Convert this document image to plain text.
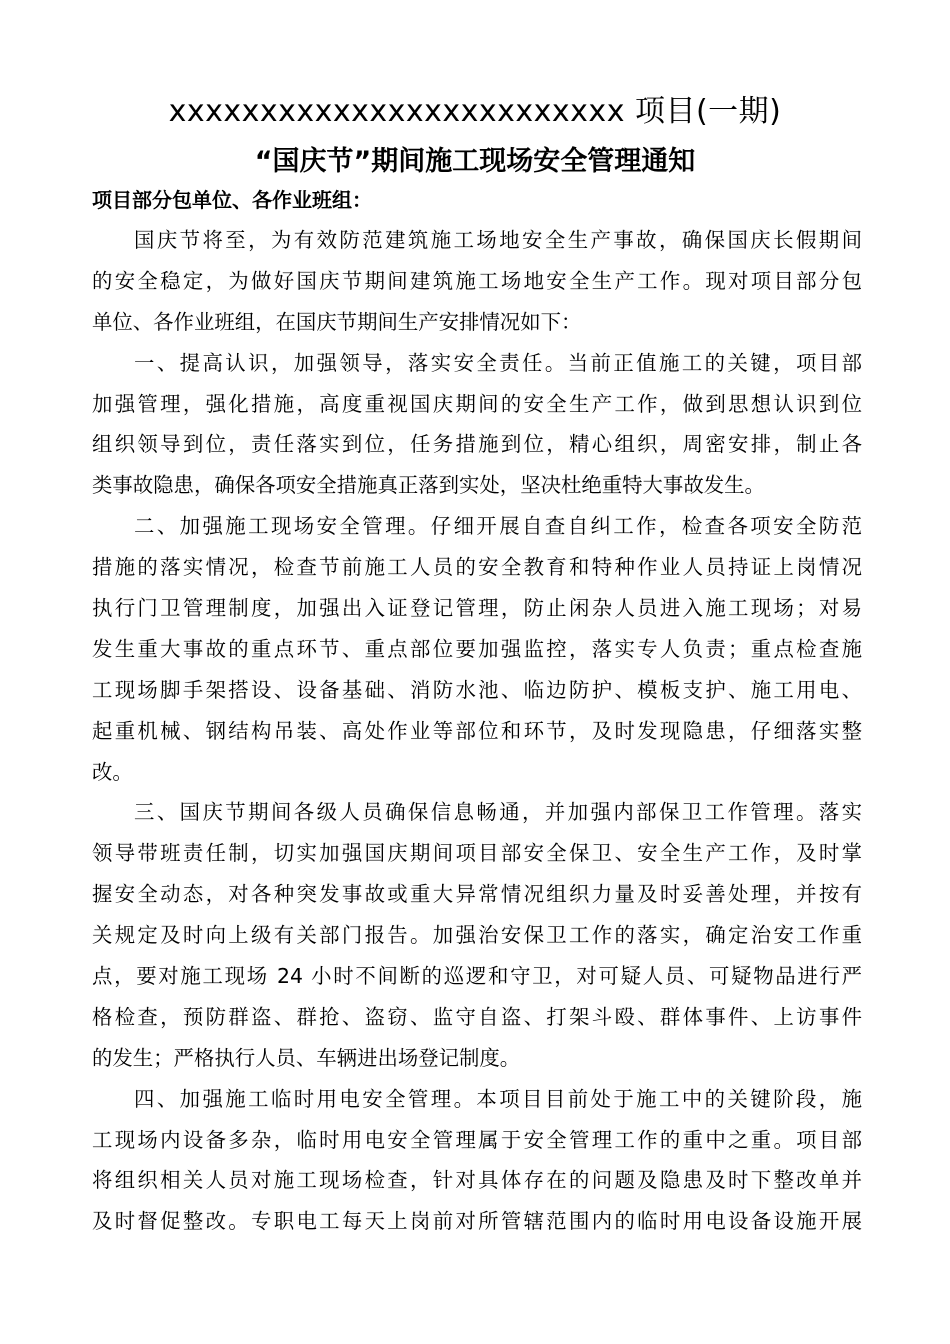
xxxxxxxxxxxxxxxxxxxxxxxxx 项目(一期)
“国庆节”期间施工现场安全管理通知
项目部分包单位、各作业班组：
国庆节将至，为有效防范建筑施工场地安全生产事故，确保国庆长假期间
的安全稳定，为做好国庆节期间建筑施工场地安全生产工作。现对项目部分包
单位、各作业班组，在国庆节期间生产安排情况如下：
一、提高认识，加强领导，落实安全责任。当前正值施工的关键，项目部
加强管理，强化措施，高度重视国庆期间的安全生产工作，做到思想认识到位
组织领导到位，责任落实到位，任务措施到位，精心组织，周密安排，制止各
类事故隐患，确保各项安全措施真正落到实处，坚决杜绝重特大事故发生。
二、加强施工现场安全管理。仔细开展自查自纠工作，检查各项安全防范
措施的落实情况，检查节前施工人员的安全教育和特种作业人员持证上岗情况
执行门卫管理制度，加强出入证登记管理，防止闲杂人员进入施工现场；对易
发生重大事故的重点环节、重点部位要加强监控，落实专人负责；重点检查施
工现场脚手架搭设、设备基础、消防水池、临边防护、模板支护、施工用电、
起重机械、钢结构吊装、高处作业等部位和环节，及时发现隐患，仔细落实整
改。
三、国庆节期间各级人员确保信息畅通，并加强内部保卫工作管理。落实
领导带班责任制，切实加强国庆期间项目部安全保卫、安全生产工作，及时掌
握安全动态，对各种突发事故或重大异常情况组织力量及时妥善处理，并按有
关规定及时向上级有关部门报告。加强治安保卫工作的落实，确定治安工作重
点，要对施工现场 24 小时不间断的巡逻和守卫，对可疑人员、可疑物品进行严
格检查，预防群盗、群抢、盗窃、监守自盗、打架斗殴、群体事件、上访事件
的发生；严格执行人员、车辆进出场登记制度。
四、加强施工临时用电安全管理。本项目目前处于施工中的关键阶段，施
工现场内设备多杂，临时用电安全管理属于安全管理工作的重中之重。项目部
将组织相关人员对施工现场检查，针对具体存在的问题及隐患及时下整改单并
及时督促整改。专职电工每天上岗前对所管辖范围内的临时用电设备设施开展
